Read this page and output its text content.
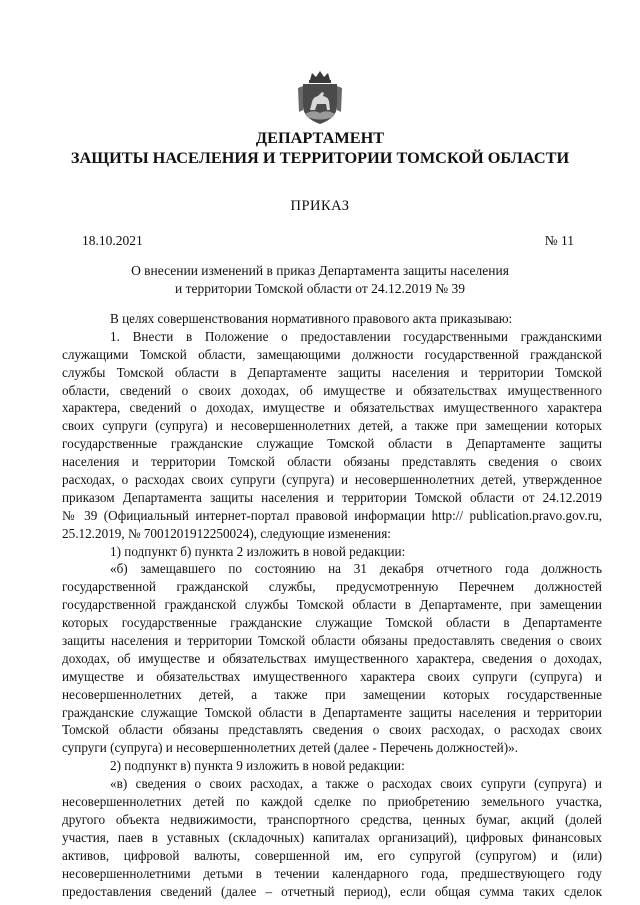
ДЕПАРТАМЕНТ
ЗАЩИТЫ НАСЕЛЕНИЯ И ТЕРРИТОРИИ ТОМСКОЙ ОБЛАСТИ
ПРИКАЗ
18.10.2021	№ 11
О внесении изменений в приказ Департамента защиты населения
и территории Томской области от 24.12.2019 № 39
В целях совершенствования нормативного правового акта приказываю:
1. Внести в Положение о предоставлении государственными гражданскими
служащими Томской области, замещающими должности государственной гражданской
службы Томской области в Департаменте защиты населения и территории Томской
области, сведений о своих доходах, об имуществе и обязательствах имущественного
характера, сведений о доходах, имуществе и обязательствах имущественного характера
своих супруги (супруга) и несовершеннолетних детей, а также при замещении которых
государственные гражданские служащие Томской области в Департаменте защиты
населения и территории Томской области обязаны представлять сведения о своих
расходах, о расходах своих супруги (супруга) и несовершеннолетних детей, утвержденное
приказом Департамента защиты населения и территории Томской области от 24.12.2019
№ 39 (Официальный интернет-портал правовой информации http:// publication.pravo.gov.ru,
25.12.2019, № 7001201912250024), следующие изменения:
1) подпункт б) пункта 2 изложить в новой редакции:
«б) замещавшего по состоянию на 31 декабря отчетного года должность
государственной гражданской службы, предусмотренную Перечнем должностей
государственной гражданской службы Томской области в Департаменте, при замещении
которых государственные гражданские служащие Томской области в Департаменте
защиты населения и территории Томской области обязаны предоставлять сведения о своих
доходах, об имуществе и обязательствах имущественного характера, сведения о доходах,
имуществе и обязательствах имущественного характера своих супруги (супруга) и
несовершеннолетних детей, а также при замещении которых государственные
гражданские служащие Томской области в Департаменте защиты населения и территории
Томской области обязаны представлять сведения о своих расходах, о расходах своих
супруги (супруга) и несовершеннолетних детей (далее - Перечень должностей)».
2) подпункт в) пункта 9 изложить в новой редакции:
«в) сведения о своих расходах, а также о расходах своих супруги (супруга) и
несовершеннолетних детей по каждой сделке по приобретению земельного участка,
другого объекта недвижимости, транспортного средства, ценных бумаг, акций (долей
участия, паев в уставных (складочных) капиталах организаций), цифровых финансовых
активов, цифровой валюты, совершенной им, его супругой (супругом) и (или)
несовершеннолетними детьми в течении календарного года, предшествующего году
предоставления сведений (далее – отчетный период), если общая сумма таких сделок
